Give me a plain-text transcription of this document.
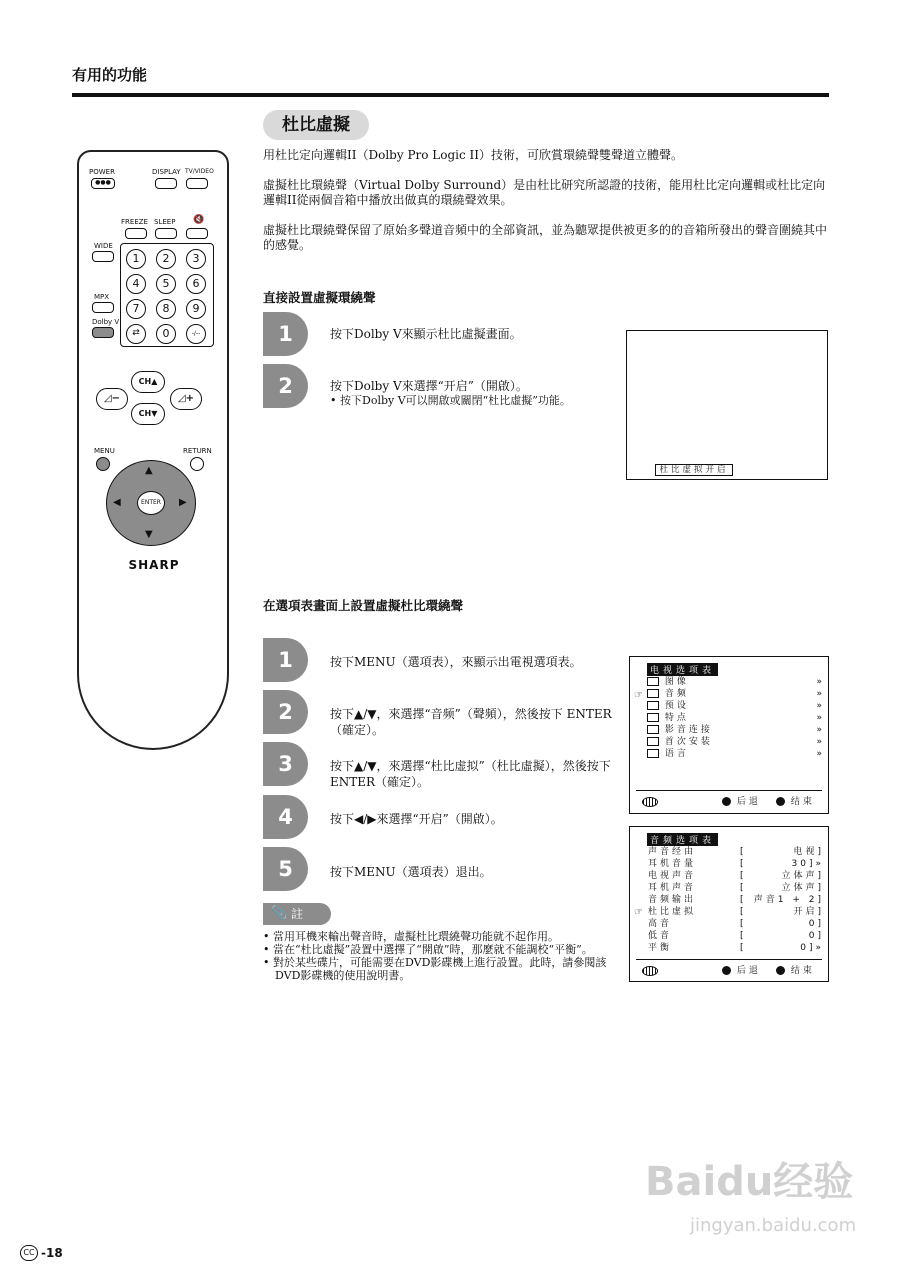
有用的功能
杜比虛擬
用杜比定向邏輯II（Dolby Pro Logic II）技術，可欣賞環繞聲雙聲道立體聲。
虛擬杜比環繞聲（Virtual Dolby Surround）是由杜比研究所認證的技術，能用杜比定向邏輯或杜比定向邏輯II從兩個音箱中播放出做真的環繞聲效果。
虛擬杜比環繞聲保留了原始多聲道音頻中的全部資訊，並為聽眾提供被更多的的音箱所發出的聲音圍繞其中的感覺。
直接設置虛擬環繞聲
1	按下Dolby V來顯示杜比虛擬畫面。
2	按下Dolby V來選擇“开启”（開啟）。
• 按下Dolby V可以開啟或關閉“杜比虛擬”功能。
杜比虚拟开启
在選項表畫面上設置虛擬杜比環繞聲
1	按下MENU（選項表），來顯示出電視選項表。
2	按下▲/▼，來選擇“音频”（聲頻），然後按下 ENTER（確定）。
3	按下▲/▼，來選擇“杜比虚拟”（杜比虛擬），然後按下 ENTER（確定）。
4	按下◀/▶來選擇“开启”（開啟）。
5	按下MENU（選項表）退出。
电视选项表
☞
图像	»
音频	»
预设	»
特点	»
影音连接	»
首次安装	»
语言	»
后退	结束
音频选项表
☞
声音经由	[	电视]
耳机音量	[	30]»
电视声音	[	立体声]
耳机声音	[	立体声]
音频输出	[ 声音1 + 2]
杜比虚拟	[	开启]
高音	[	0]
低音	[	0]
平衡	[	0]»
后退	结束
📎 註
• 當用耳機來輸出聲音時，虛擬杜比環繞聲功能就不起作用。
• 當在“杜比虛擬”設置中選擇了“開啟”時，那麼就不能調校“平衡”。
• 對於某些碟片，可能需要在DVD影碟機上進行設置。此時，請參閱該DVD影碟機的使用說明書。
POWER
●●●
DISPLAY TV/VIDEO
FREEZE SLEEP 🔇
WIDE
MPX
Dolby V
1	2	3
4	5	6
7	8	9
⇄	0	-/--
CH▲
CH▼
◿−	◿+
MENU	RETURN
▲
▼
◀	▶
ENTER
SHARP
CC -18
Baidu经验
jingyan.baidu.com
